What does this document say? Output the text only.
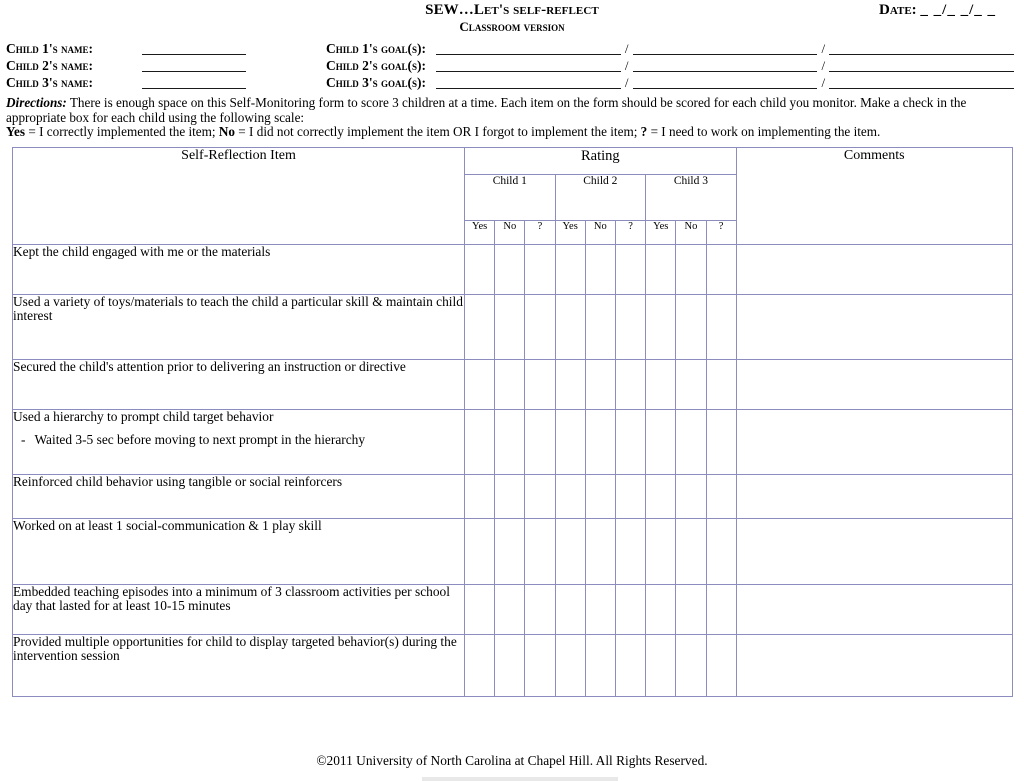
SEW…Let's self-reflect
Classroom version
Date: _ _/_ _/_ _
Child 1's name:	Child 1's goal(s):	/	/
Child 2's name:	Child 2's goal(s):	/	/
Child 3's name:	Child 3's goal(s):	/	/
Directions: There is enough space on this Self-Monitoring form to score 3 children at a time. Each item on the form should be scored for each child you monitor. Make a check in the appropriate box for each child using the following scale:
Yes = I correctly implemented the item; No = I did not correctly implement the item OR I forgot to implement the item; ? = I need to work on implementing the item.
Self-Reflection Item	Rating									Comments
	Child 1			Child 2			Child 3			
	Yes	No	?	Yes	No	?	Yes	No	?	
Kept the child engaged with me or the materials										
Used a variety of toys/materials to teach the child a particular skill & maintain child interest										
Secured the child's attention prior to delivering an instruction or directive										
Used a hierarchy to prompt child target behavior
- Waited 3-5 sec before moving to next prompt in the hierarchy										

Reinforced child behavior using tangible or social reinforcers										
Worked on at least 1 social-communication & 1 play skill										
Embedded teaching episodes into a minimum of 3 classroom activities per school day that lasted for at least 10-15 minutes										
Provided multiple opportunities for child to display targeted behavior(s) during the intervention session										
©2011 University of North Carolina at Chapel Hill. All Rights Reserved.
